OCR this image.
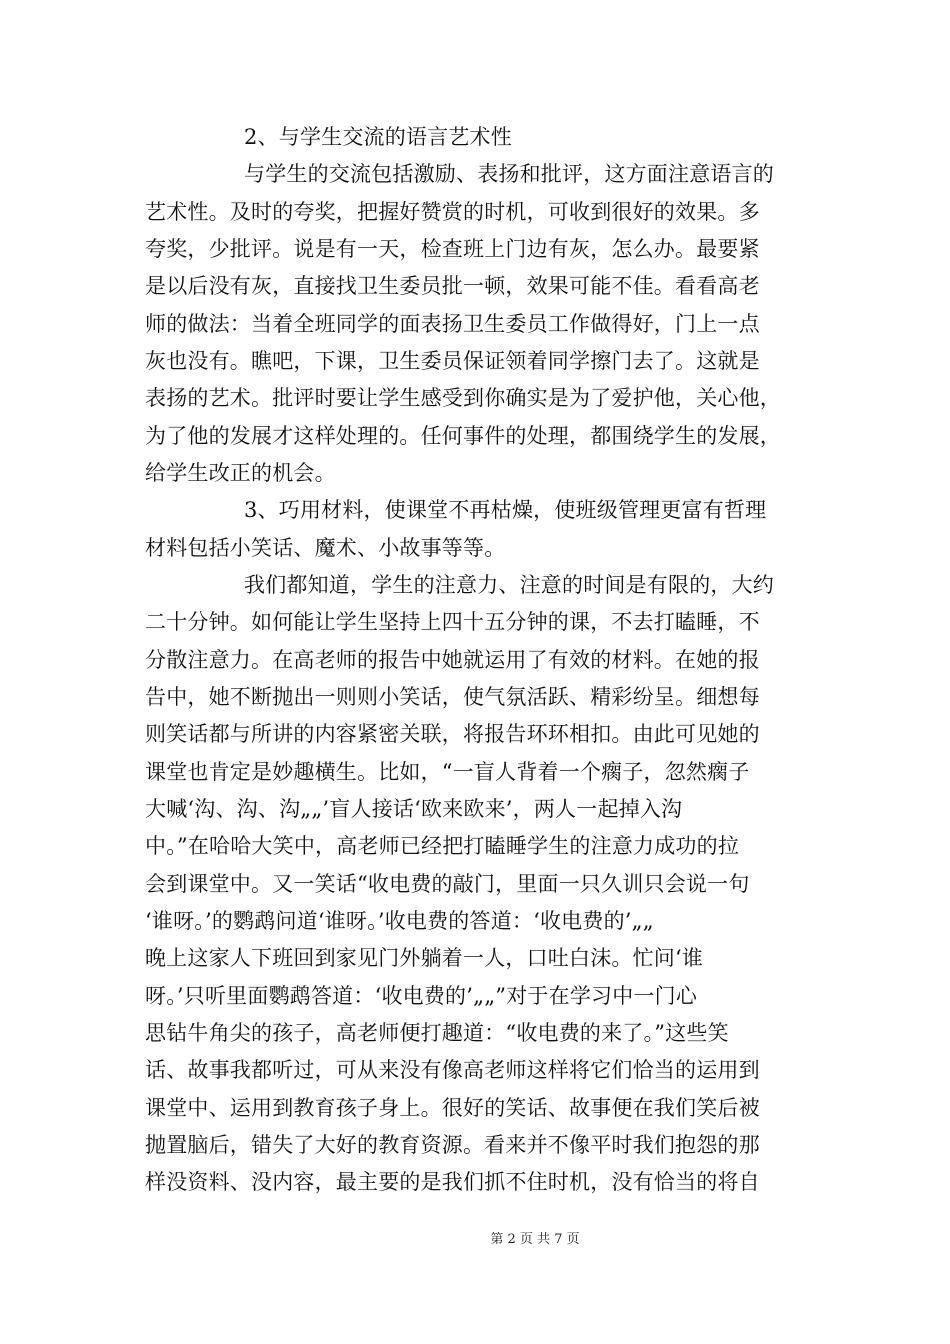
2、与学生交流的语言艺术性
与学生的交流包括激励、表扬和批评，这方面注意语言的
艺术性。及时的夸奖，把握好赞赏的时机，可收到很好的效果。多
夸奖，少批评。说是有一天，检查班上门边有灰，怎么办。最要紧
是以后没有灰，直接找卫生委员批一顿，效果可能不佳。看看高老
师的做法：当着全班同学的面表扬卫生委员工作做得好，门上一点
灰也没有。瞧吧，下课，卫生委员保证领着同学擦门去了。这就是
表扬的艺术。批评时要让学生感受到你确实是为了爱护他，关心他，
为了他的发展才这样处理的。任何事件的处理，都围绕学生的发展，
给学生改正的机会。
3、巧用材料，使课堂不再枯燥，使班级管理更富有哲理
材料包括小笑话、魔术、小故事等等。
我们都知道，学生的注意力、注意的时间是有限的，大约
二十分钟。如何能让学生坚持上四十五分钟的课，不去打瞌睡，不
分散注意力。在高老师的报告中她就运用了有效的材料。在她的报
告中，她不断抛出一则则小笑话，使气氛活跃、精彩纷呈。细想每
则笑话都与所讲的内容紧密关联，将报告环环相扣。由此可见她的
课堂也肯定是妙趣横生。比如，“一盲人背着一个瘸子，忽然瘸子
大喊‘沟、沟、沟„„’盲人接话‘欧来欧来’，两人一起掉入沟
中。”在哈哈大笑中，高老师已经把打瞌睡学生的注意力成功的拉
会到课堂中。又一笑话“收电费的敲门，里面一只久训只会说一句
‘谁呀。’的鹦鹉问道‘谁呀。’收电费的答道：‘收电费的’„„
晚上这家人下班回到家见门外躺着一人，口吐白沫。忙问‘谁
呀。’只听里面鹦鹉答道：‘收电费的’„„”对于在学习中一门心
思钻牛角尖的孩子，高老师便打趣道：“收电费的来了。”这些笑
话、故事我都听过，可从来没有像高老师这样将它们恰当的运用到
课堂中、运用到教育孩子身上。很好的笑话、故事便在我们笑后被
抛置脑后，错失了大好的教育资源。看来并不像平时我们抱怨的那
样没资料、没内容，最主要的是我们抓不住时机，没有恰当的将自
第 2 页 共 7 页
